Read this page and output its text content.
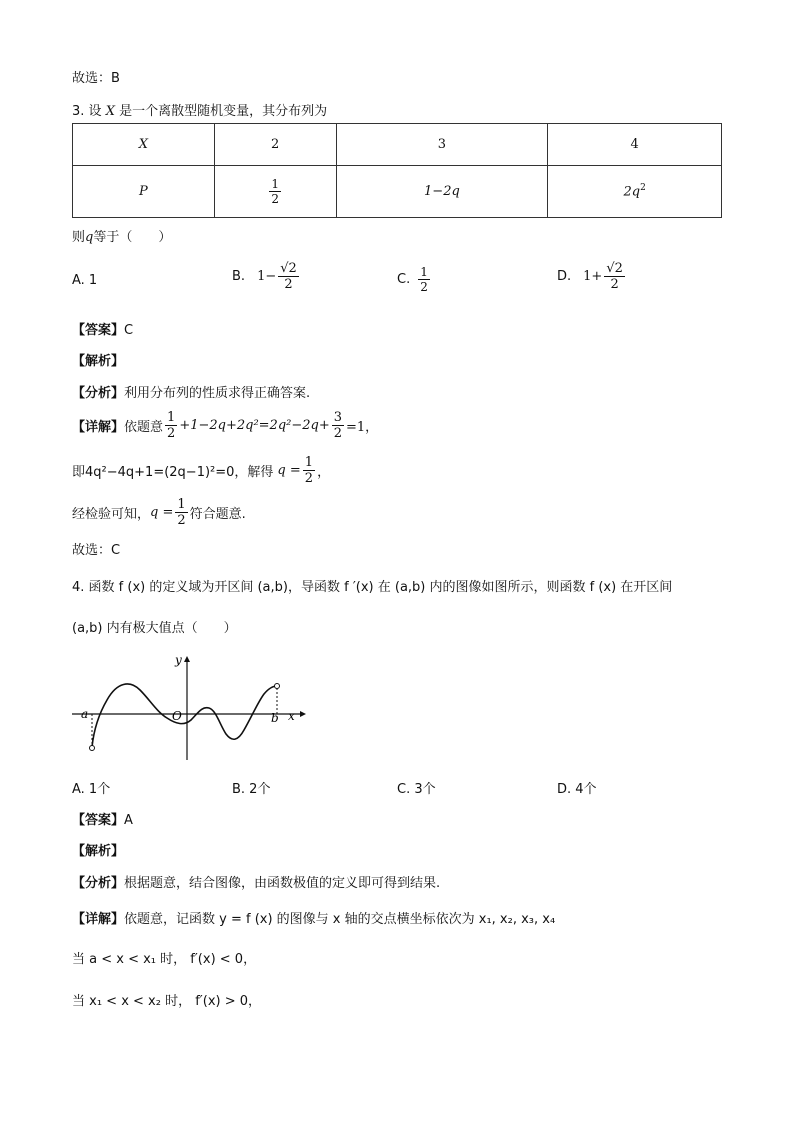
故选：B
3. 设 X 是一个离散型随机变量，其分布列为
X	2	3	4
P	$\frac{1}{2}$	1−2q	$2q^2$
则q等于（　　）
A. 1	B. $1- \frac{√2}{2}$	C. $\frac{1}{2}$	D. $1+ \frac{√2}{2}$
【答案】C
【解析】
【分析】利用分布列的性质求得正确答案.
【详解】 依题意 $\frac{1}{2} +1-2q+2q^2=2q^2-2q+ \frac{3}{2} =1$，
即4q²−4q+1=(2q−1)²=0，解得 $q = \frac{1}{2}$ ，
经检验可知， $q = \frac{1}{2}$ 符合题意.
故选：C
4. 函数 f (x) 的定义域为开区间 (a,b)，导函数 f ′(x) 在 (a,b) 内的图像如图所示，则函数 f (x) 在开区间
(a,b) 内有极大值点（　　）
y
x
O
a	b
A. 1个	B. 2个	C. 3个	D. 4个
【答案】A
【解析】
【分析】根据题意，结合图像，由函数极值的定义即可得到结果.
【详解】依题意，记函数 y = f (x) 的图像与 x 轴的交点横坐标依次为 x₁, x₂, x₃, x₄
当 a < x < x₁ 时， f′(x) < 0，
当 x₁ < x < x₂ 时， f′(x) > 0，
